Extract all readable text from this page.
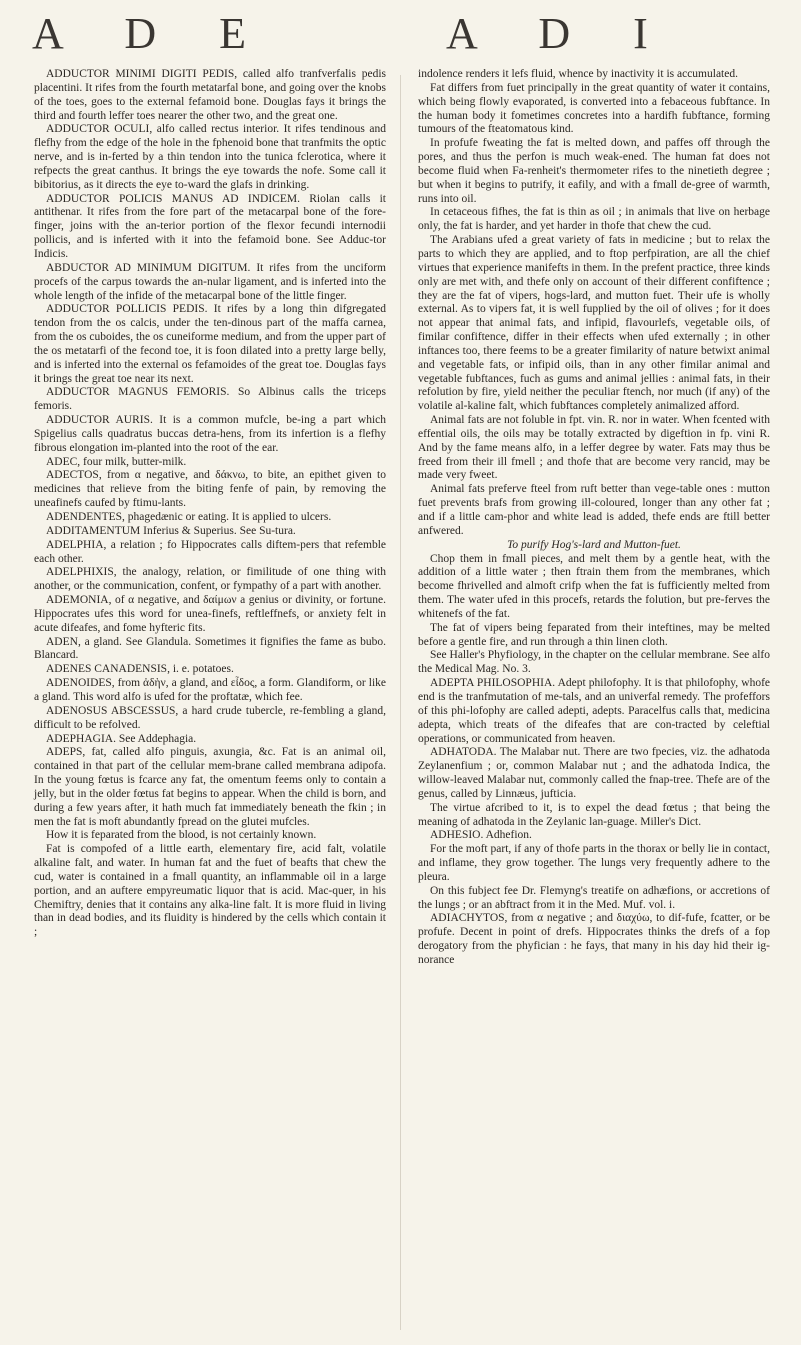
A D E	A D I

ADDUCTOR MINIMI DIGITI PEDIS, called alfo tranfverfalis pedis placentini. It rifes from the fourth metatarfal bone, and going over the knobs of the toes, goes to the external fefamoid bone. Douglas fays it brings the third and fourth leffer toes nearer the other two, and the great one.

ADDUCTOR OCULI, alfo called rectus interior. It rifes tendinous and flefhy from the edge of the hole in the fphenoid bone that tranfmits the optic nerve, and is in-ferted by a thin tendon into the tunica fclerotica, where it refpects the great canthus. It brings the eye towards the nofe. Some call it bibitorius, as it directs the eye to-ward the glafs in drinking.

ADDUCTOR POLICIS MANUS AD INDICEM. Riolan calls it antithenar. It rifes from the fore part of the metacarpal bone of the fore-finger, joins with the an-terior portion of the flexor fecundi internodii pollicis, and is inferted with it into the fefamoid bone. See Adduc-tor Indicis.

ABDUCTOR AD MINIMUM DIGITUM. It rifes from the unciform procefs of the carpus towards the an-nular ligament, and is inferted into the whole length of the infide of the metacarpal bone of the little finger.

ADDUCTOR POLLICIS PEDIS. It rifes by a long thin difgregated tendon from the os calcis, under the ten-dinous part of the maffa carnea, from the os cuboides, the os cuneiforme medium, and from the upper part of the os metatarfi of the fecond toe, it is foon dilated into a pretty large belly, and is inferted into the external os fefamoides of the great toe. Douglas fays it brings the great toe near its next.

ADDUCTOR MAGNUS FEMORIS. So Albinus calls the triceps femoris.

ADDUCTOR AURIS. It is a common mufcle, be-ing a part which Spigelius calls quadratus buccas detra-hens, from its infertion is a flefhy fibrous elongation im-planted into the root of the ear.

ADEC, four milk, butter-milk.

ADECTOS, from α negative, and δάκνω, to bite, an epithet given to medicines that relieve from the biting fenfe of pain, by removing the uneafinefs caufed by ftimu-lants.

ADENDENTES, phagedænic or eating. It is applied to ulcers.

ADDITAMENTUM Inferius & Superius. See Su-tura.

ADELPHIA, a relation ; fo Hippocrates calls diftem-pers that refemble each other.

ADELPHIXIS, the analogy, relation, or fimilitude of one thing with another, or the communication, confent, or fympathy of a part with another.

ADEMONIA, of α negative, and δαίμων a genius or divinity, or fortune. Hippocrates ufes this word for unea-finefs, reftleffnefs, or anxiety felt in acute difeafes, and fome hyfteric fits.

ADEN, a gland. See Glandula. Sometimes it fignifies the fame as bubo. Blancard.

ADENES CANADENSIS, i. e. potatoes.

ADENOIDES, from ἀδὴν, a gland, and εἶδος, a form. Glandiform, or like a gland. This word alfo is ufed for the proftatæ, which fee.

ADENOSUS ABSCESSUS, a hard crude tubercle, re-fembling a gland, difficult to be refolved.

ADEPHAGIA. See Addephagia.

ADEPS, fat, called alfo pinguis, axungia, &c. Fat is an animal oil, contained in that part of the cellular mem-brane called membrana adipofa. In the young fœtus is fcarce any fat, the omentum feems only to contain a jelly, but in the older fœtus fat begins to appear. When the child is born, and during a few years after, it hath much fat immediately beneath the fkin ; in men the fat is moft abundantly fpread on the glutei mufcles.

How it is feparated from the blood, is not certainly known.

Fat is compofed of a little earth, elementary fire, acid falt, volatile alkaline falt, and water. In human fat and the fuet of beafts that chew the cud, water is contained in a fmall quantity, an inflammable oil in a large portion, and an auftere empyreumatic liquor that is acid. Mac-quer, in his Chemiftry, denies that it contains any alka-line falt. It is more fluid in living than in dead bodies, and its fluidity is hindered by the cells which contain it ;

indolence renders it lefs fluid, whence by inactivity it is accumulated.

Fat differs from fuet principally in the great quantity of water it contains, which being flowly evaporated, is converted into a febaceous fubftance. In the human body it fometimes concretes into a hardifh fubftance, forming tumours of the fteatomatous kind.

In profufe fweating the fat is melted down, and paffes off through the pores, and thus the perfon is much weak-ened. The human fat does not become fluid when Fa-renheit's thermometer rifes to the ninetieth degree ; but when it begins to putrify, it eafily, and with a fmall de-gree of warmth, runs into oil.

In cetaceous fifhes, the fat is thin as oil ; in animals that live on herbage only, the fat is harder, and yet harder in thofe that chew the cud.

The Arabians ufed a great variety of fats in medicine ; but to relax the parts to which they are applied, and to ftop perfpiration, are all the chief virtues that experience manifefts in them. In the prefent practice, three kinds only are met with, and thefe only on account of their different confiftence ; they are the fat of vipers, hogs-lard, and mutton fuet. Their ufe is wholly external. As to vipers fat, it is well fupplied by the oil of olives ; for it does not appear that animal fats, and infipid, flavourlefs, vegetable oils, of fimilar confiftence, differ in their effects when ufed externally ; in other inftances too, there feems to be a greater fimilarity of nature betwixt animal and vegetable fats, or infipid oils, than in any other fimilar animal and vegetable fubftances, fuch as gums and animal jellies : animal fats, in their refolution by fire, yield neither the peculiar ftench, nor much (if any) of the volatile al-kaline falt, which fubftances completely animalized afford.

Animal fats are not foluble in fpt. vin. R. nor in water. When fcented with effential oils, the oils may be totally extracted by digeftion in fp. vini R. And by the fame means alfo, in a leffer degree by water. Fats may thus be freed from their ill fmell ; and thofe that are become very rancid, may be made very fweet.

Animal fats preferve fteel from ruft better than vege-table ones : mutton fuet prevents brafs from growing ill-coloured, longer than any other fat ; and if a little cam-phor and white lead is added, thefe ends are ftill better anfwered.

To purify Hog's-lard and Mutton-fuet.

Chop them in fmall pieces, and melt them by a gentle heat, with the addition of a little water ; then ftrain them from the membranes, which become fhrivelled and almoft crifp when the fat is fufficiently melted from them. The water ufed in this procefs, retards the folution, but pre-ferves the whitenefs of the fat.

The fat of vipers being feparated from their inteftines, may be melted before a gentle fire, and run through a thin linen cloth.

See Haller's Phyfiology, in the chapter on the cellular membrane. See alfo the Medical Mag. No. 3.

ADEPTA PHILOSOPHIA. Adept philofophy. It is that philofophy, whofe end is the tranfmutation of me-tals, and an univerfal remedy. The profeffors of this phi-lofophy are called adepti, adepts. Paracelfus calls that, medicina adepta, which treats of the difeafes that are con-tracted by celeftial operations, or communicated from heaven.

ADHATODA. The Malabar nut. There are two fpecies, viz. the adhatoda Zeylanenfium ; or, common Malabar nut ; and the adhatoda Indica, the willow-leaved Malabar nut, commonly called the fnap-tree. Thefe are of the genus, called by Linnæus, jufticia.

The virtue afcribed to it, is to expel the dead fœtus ; that being the meaning of adhatoda in the Zeylanic lan-guage. Miller's Dict.

ADHESIO. Adhefion.

For the moft part, if any of thofe parts in the thorax or belly lie in contact, and inflame, they grow together. The lungs very frequently adhere to the pleura.

On this fubject fee Dr. Flemyng's treatife on adhæfions, or accretions of the lungs ; or an abftract from it in the Med. Muf. vol. i.

ADIACHYTOS, from α negative ; and διαχύω, to dif-fufe, fcatter, or be profufe. Decent in point of drefs. Hippocrates thinks the drefs of a fop derogatory from the phyfician : he fays, that many in his day hid their ig-norance
